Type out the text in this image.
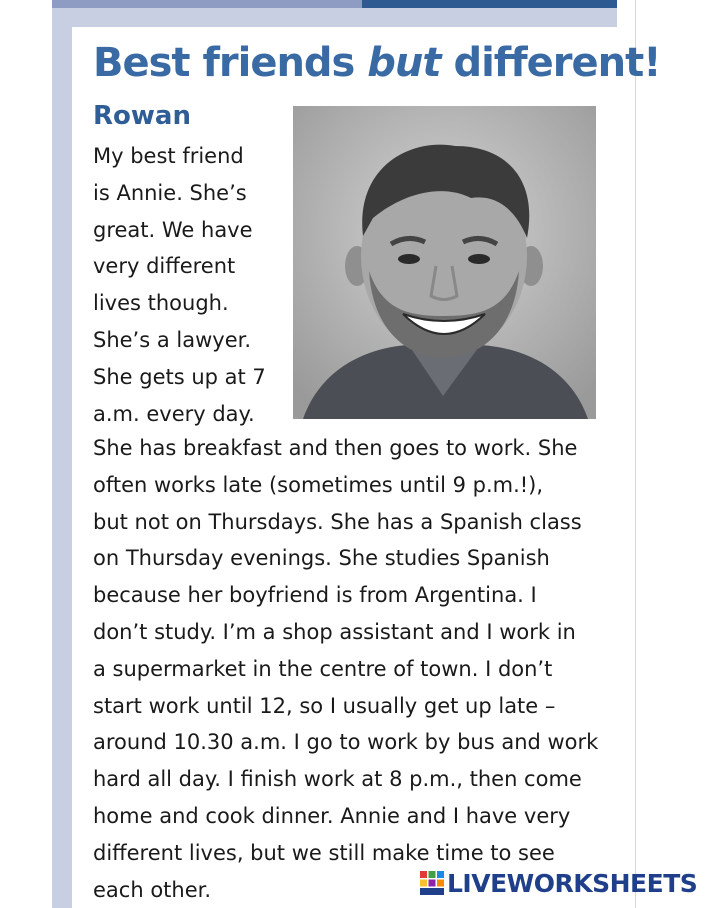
Best friends but different!
Rowan

My best friend
is Annie. She’s
great. We have
very different
lives though.
She’s a lawyer.
She gets up at 7
a.m. every day.

She has breakfast and then goes to work. She
often works late (sometimes until 9 p.m.!),
but not on Thursdays. She has a Spanish class
on Thursday evenings. She studies Spanish
because her boyfriend is from Argentina. I
don’t study. I’m a shop assistant and I work in
a supermarket in the centre of town. I don’t
start work until 12, so I usually get up late –
around 10.30 a.m. I go to work by bus and work
hard all day. I finish work at 8 p.m., then come
home and cook dinner. Annie and I have very
different lives, but we still make time to see
each other.	LIVEWORKSHEETS
